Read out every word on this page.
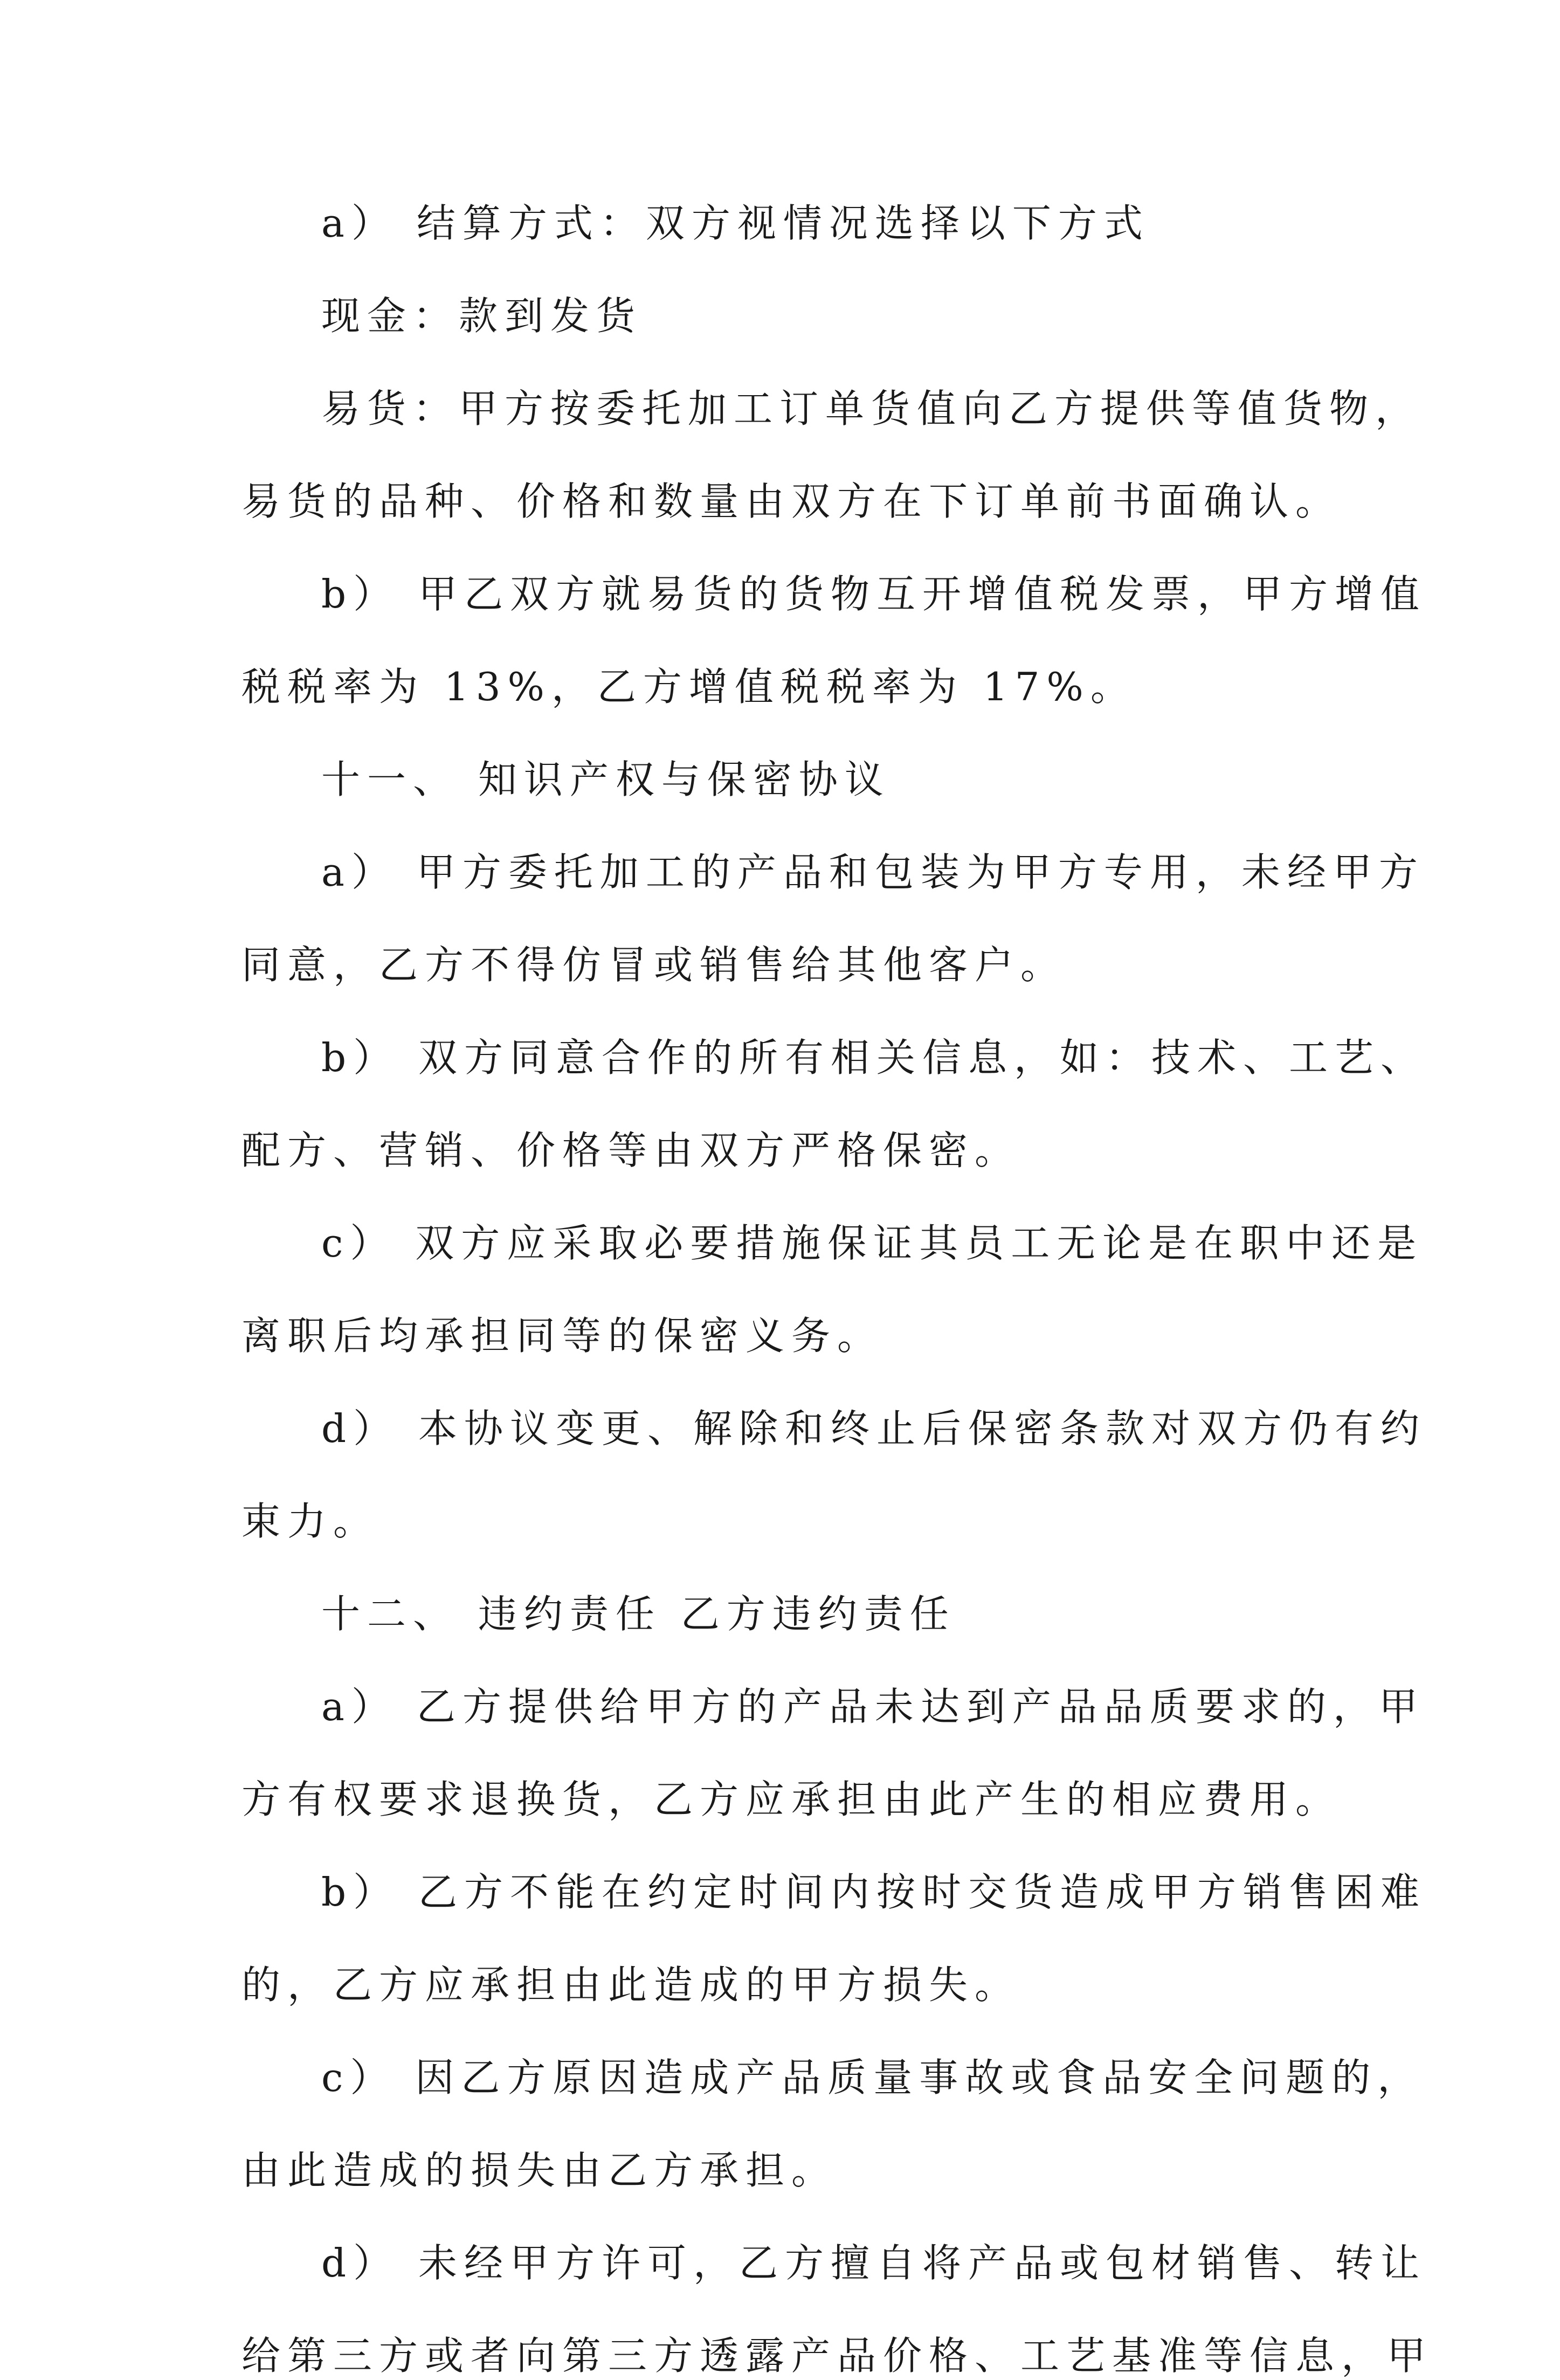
a） 结算方式：双方视情况选择以下方式
现金：款到发货
易货：甲方按委托加工订单货值向乙方提供等值货物，
易货的品种、价格和数量由双方在下订单前书面确认。
b） 甲乙双方就易货的货物互开增值税发票，甲方增值
税税率为 13%，乙方增值税税率为 17%。
十一、 知识产权与保密协议
a） 甲方委托加工的产品和包装为甲方专用，未经甲方
同意，乙方不得仿冒或销售给其他客户。
b） 双方同意合作的所有相关信息，如：技术、工艺、
配方、营销、价格等由双方严格保密。
c） 双方应采取必要措施保证其员工无论是在职中还是
离职后均承担同等的保密义务。
d） 本协议变更、解除和终止后保密条款对双方仍有约
束力。
十二、 违约责任 乙方违约责任
a） 乙方提供给甲方的产品未达到产品品质要求的，甲
方有权要求退换货，乙方应承担由此产生的相应费用。
b） 乙方不能在约定时间内按时交货造成甲方销售困难
的，乙方应承担由此造成的甲方损失。
c） 因乙方原因造成产品质量事故或食品安全问题的，
由此造成的损失由乙方承担。
d） 未经甲方许可，乙方擅自将产品或包材销售、转让
给第三方或者向第三方透露产品价格、工艺基准等信息，甲
